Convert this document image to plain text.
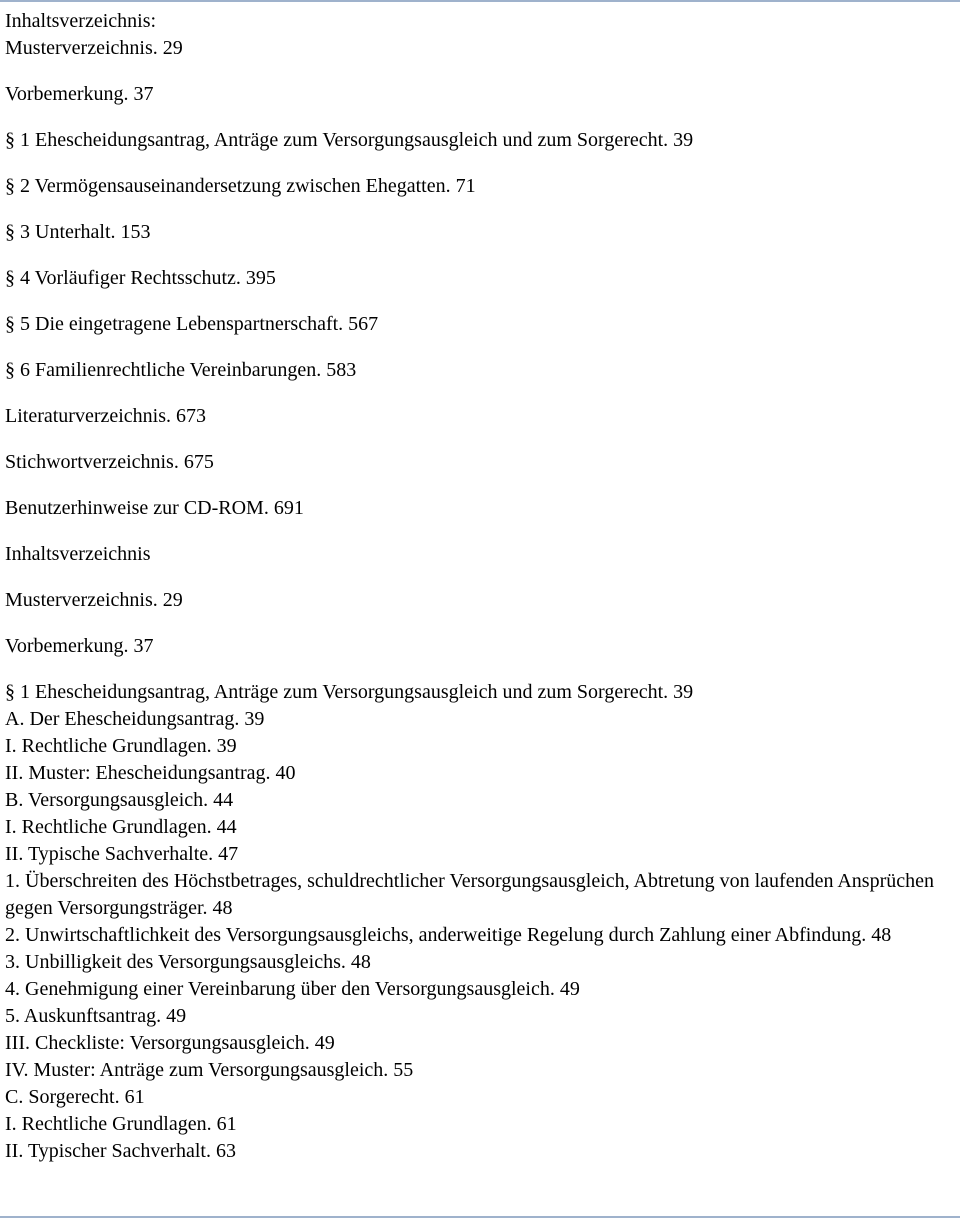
Inhaltsverzeichnis:

Musterverzeichnis. 29

Vorbemerkung. 37

§ 1 Ehescheidungsantrag, Anträge zum Versorgungsausgleich und zum Sorgerecht. 39

§ 2 Vermögensauseinandersetzung zwischen Ehegatten. 71

§ 3 Unterhalt. 153

§ 4 Vorläufiger Rechtsschutz. 395

§ 5 Die eingetragene Lebenspartnerschaft. 567

§ 6 Familienrechtliche Vereinbarungen. 583

Literaturverzeichnis. 673

Stichwortverzeichnis. 675

Benutzerhinweise zur CD-ROM. 691

Inhaltsverzeichnis

Musterverzeichnis. 29

Vorbemerkung. 37

§ 1 Ehescheidungsantrag, Anträge zum Versorgungsausgleich und zum Sorgerecht. 39

A. Der Ehescheidungsantrag. 39

I. Rechtliche Grundlagen. 39

II. Muster: Ehescheidungsantrag. 40

B. Versorgungsausgleich. 44

I. Rechtliche Grundlagen. 44

II. Typische Sachverhalte. 47

1. Überschreiten des Höchstbetrages, schuldrechtlicher Versorgungsausgleich, Abtretung von laufenden Ansprüchen gegen Versorgungsträger. 48

2. Unwirtschaftlichkeit des Versorgungsausgleichs, anderweitige Regelung durch Zahlung einer Abfindung. 48

3. Unbilligkeit des Versorgungsausgleichs. 48

4. Genehmigung einer Vereinbarung über den Versorgungsausgleich. 49

5. Auskunftsantrag. 49

III. Checkliste: Versorgungsausgleich. 49

IV. Muster: Anträge zum Versorgungsausgleich. 55

C. Sorgerecht. 61

I. Rechtliche Grundlagen. 61

II. Typischer Sachverhalt. 63
